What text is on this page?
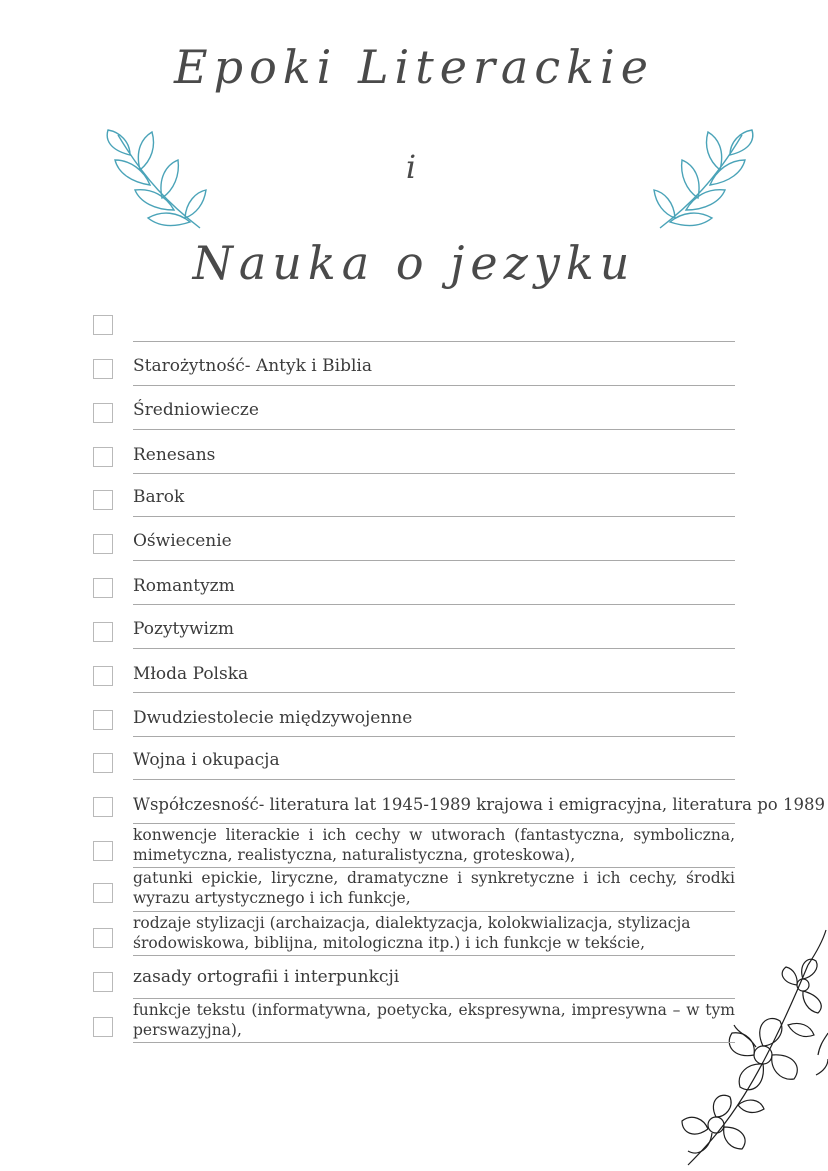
Epoki Literackie
i
Nauka o jezyku
Starożytność- Antyk i Biblia
Średniowiecze
Renesans
Barok
Oświecenie
Romantyzm
Pozytywizm
Młoda Polska
Dwudziestolecie międzywojenne
Wojna i okupacja
Współczesność- literatura lat 1945-1989 krajowa i emigracyjna, literatura po 1989
konwencje literackie i ich cechy w utworach (fantastyczna, symboliczna, mimetyczna, realistyczna, naturalistyczna, groteskowa),
gatunki epickie, liryczne, dramatyczne i synkretyczne i ich cechy, środki wyrazu artystycznego i ich funkcje,
rodzaje stylizacji (archaizacja, dialektyzacja, kolokwializacja, stylizacja środowiskowa, biblijna, mitologiczna itp.) i ich funkcje w tekście,
zasady ortografii i interpunkcji
funkcje tekstu (informatywna, poetycka, ekspresywna, impresywna – w tym perswazyjna),
